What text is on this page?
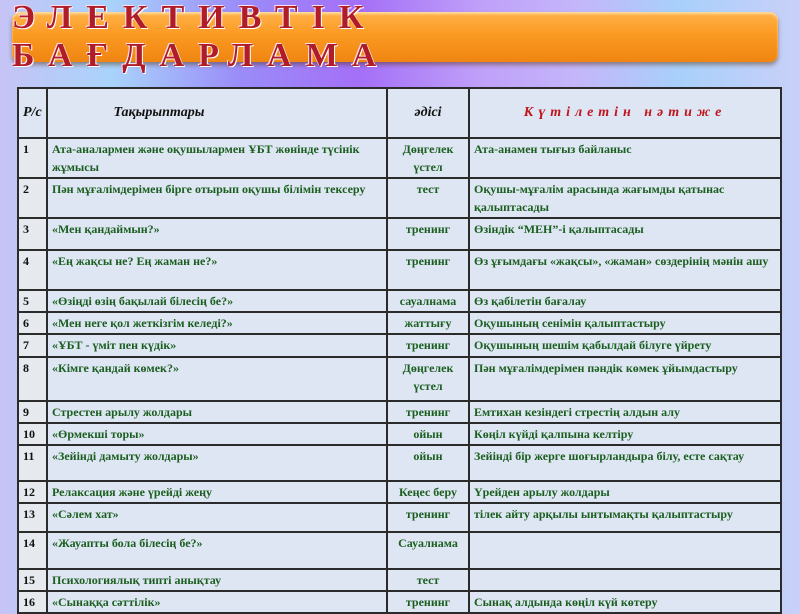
ЭЛЕКТИВТІК БАҒДАРЛАМА
Р/с	Тақырыптары	әдісі	Күтілетін нәтиже
1	Ата-аналармен және оқушылармен ҰБТ жөнінде түсінік жұмысы	Дөңгелек үстел	Ата-анамен тығыз байланыс
2	Пән мұғалімдерімен бірге отырып оқушы білімін тексеру	тест	Оқушы-мұғалім арасында жағымды қатынас қалыптасады
3	«Мен қандаймын?»	тренинг	Өзіндік “МЕН”-і қалыптасады
4	«Ең жақсы не? Ең жаман не?»	тренинг	Өз ұғымдағы «жақсы», «жаман» сөздерінің мәнін ашу
5	«Өзіңді өзің бақылай білесің бе?»	сауалнама	Өз қабілетін бағалау
6	«Мен неге қол жеткізгім келеді?»	жаттығу	Оқушының сенімін қалыптастыру
7	«ҰБТ - үміт пен күдік»	тренинг	Оқушының шешім қабылдай білуге үйрету
8	«Кімге қандай көмек?»	Дөңгелек үстел	Пән мұғалімдерімен пәндік көмек ұйымдастыру
9	Стрестен арылу жолдары	тренинг	Емтихан кезіндегі стрестің алдын алу
10	«Өрмекші торы»	ойын	Көңіл күйді қалпына келтіру
11	«Зейінді дамыту жолдары»	ойын	Зейінді бір жерге шоғырландыра білу, есте сақтау
12	Релаксация және үрейді жеңу	Кеңес беру	Үрейден арылу жолдары
13	«Сәлем хат»	тренинг	тілек айту арқылы ынтымақты қалыптастыру
14	«Жауапты бола білесің бе?»	Сауалнама	
15	Психологиялық типті анықтау	тест	
16	«Сынаққа сәттілік»	тренинг	Сынақ алдында көңіл күй көтеру
